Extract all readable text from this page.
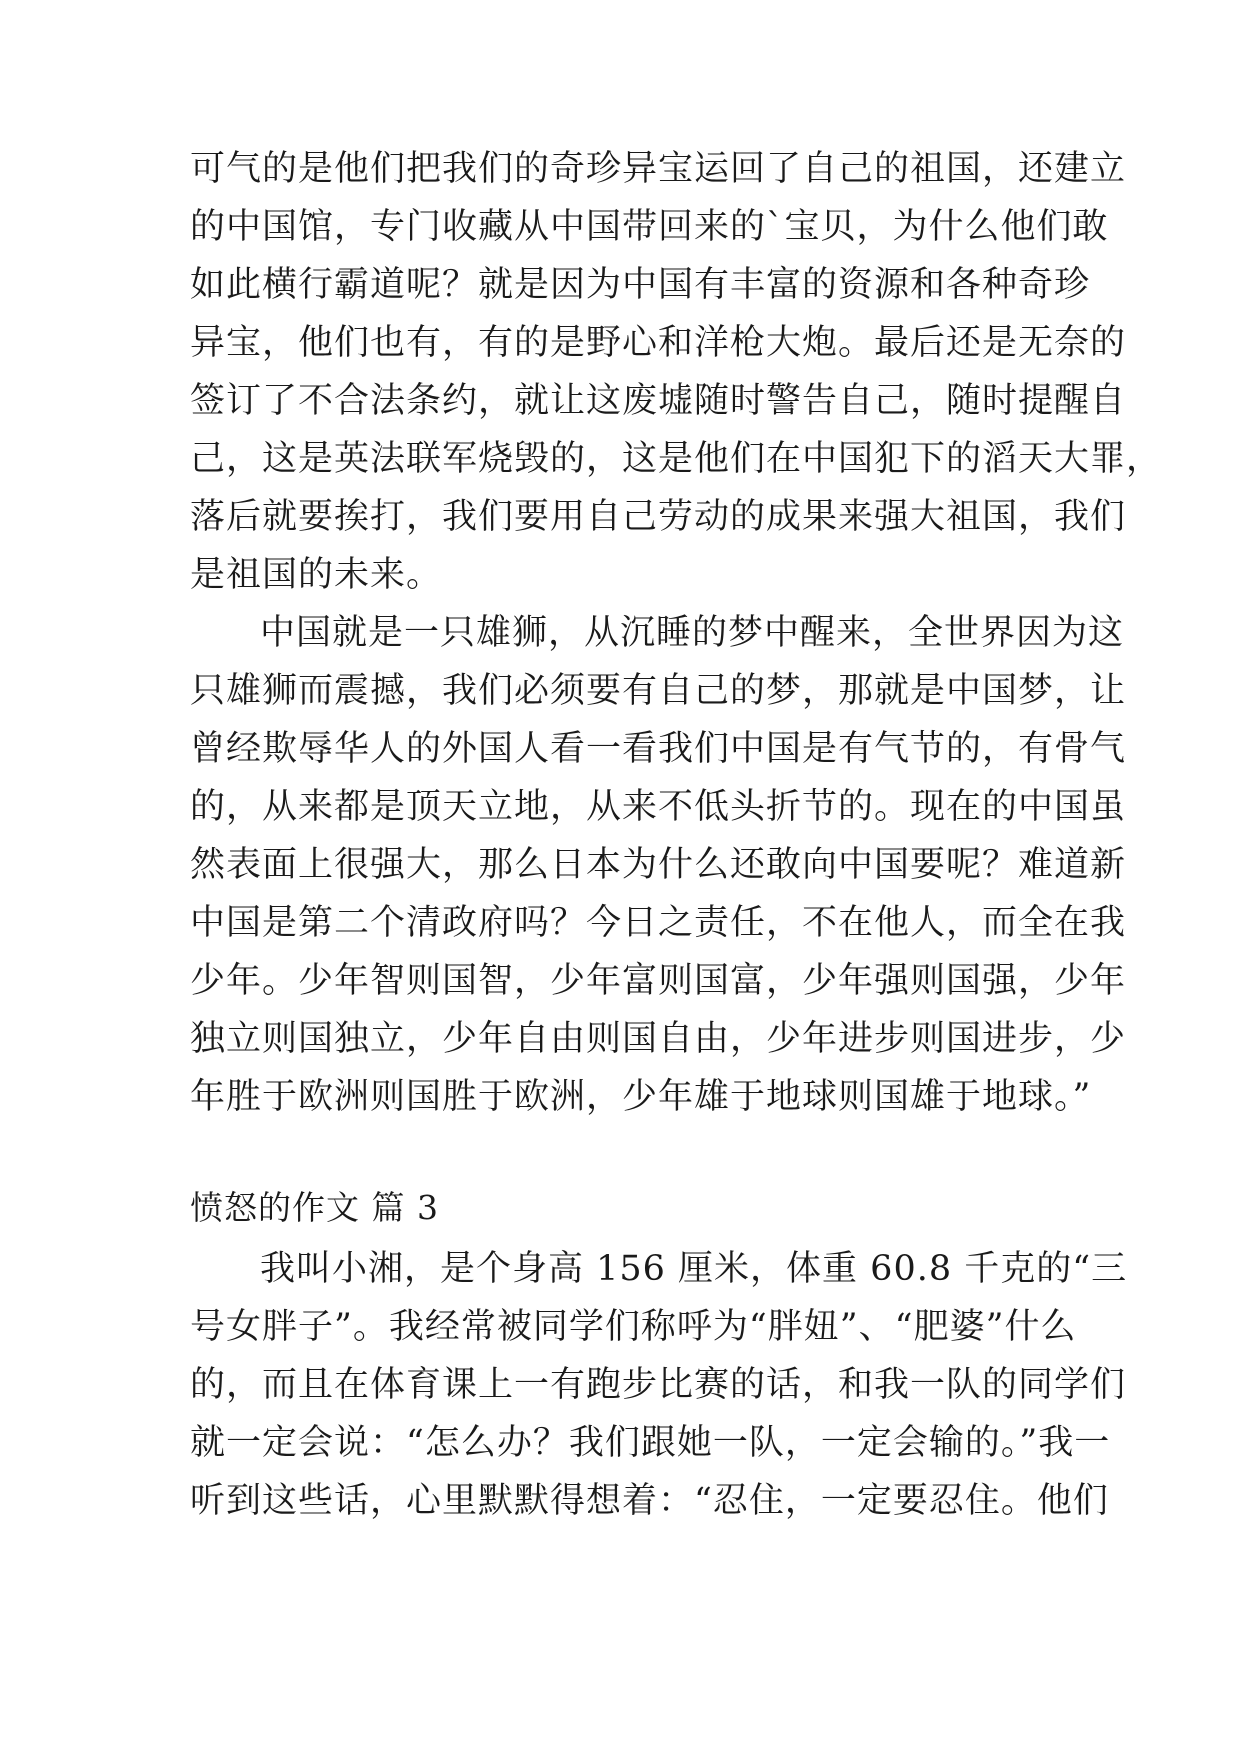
可气的是他们把我们的奇珍异宝运回了自己的祖国，还建立
的中国馆，专门收藏从中国带回来的`宝贝，为什么他们敢
如此横行霸道呢？就是因为中国有丰富的资源和各种奇珍
异宝，他们也有，有的是野心和洋枪大炮。最后还是无奈的
签订了不合法条约，就让这废墟随时警告自己，随时提醒自
己，这是英法联军烧毁的，这是他们在中国犯下的滔天大罪，
落后就要挨打，我们要用自己劳动的成果来强大祖国，我们
是祖国的未来。
中国就是一只雄狮，从沉睡的梦中醒来，全世界因为这
只雄狮而震撼，我们必须要有自己的梦，那就是中国梦，让
曾经欺辱华人的外国人看一看我们中国是有气节的，有骨气
的，从来都是顶天立地，从来不低头折节的。现在的中国虽
然表面上很强大，那么日本为什么还敢向中国要呢？难道新
中国是第二个清政府吗？今日之责任，不在他人，而全在我
少年。少年智则国智，少年富则国富，少年强则国强，少年
独立则国独立，少年自由则国自由，少年进步则国进步，少
年胜于欧洲则国胜于欧洲，少年雄于地球则国雄于地球。”
愤怒的作文 篇 3
我叫小湘，是个身高 156 厘米，体重 60.8 千克的“三
号女胖子”。我经常被同学们称呼为“胖妞”、“肥婆”什么
的，而且在体育课上一有跑步比赛的话，和我一队的同学们
就一定会说：“怎么办？我们跟她一队，一定会输的。”我一
听到这些话，心里默默得想着：“忍住，一定要忍住。他们
